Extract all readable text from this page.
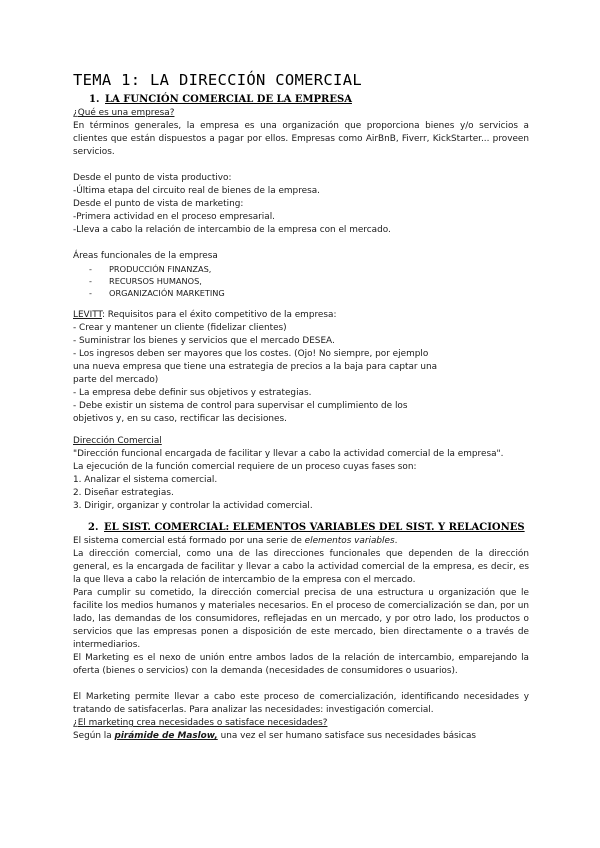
TEMA 1: LA DIRECCIÓN COMERCIAL
1. LA FUNCIÓN COMERCIAL DE LA EMPRESA

¿Qué es una empresa?

En términos generales, la empresa es una organización que proporciona bienes y/o servicios a clientes que están dispuestos a pagar por ellos. Empresas como AirBnB, Fiverr, KickStarter... proveen servicios.

Desde el punto de vista productivo:

-Última etapa del circuito real de bienes de la empresa.

Desde el punto de vista de marketing:

-Primera actividad en el proceso empresarial.

-Lleva a cabo la relación de intercambio de la empresa con el mercado.

Áreas funcionales de la empresa

-	PRODUCCIÓN FINANZAS,
-	RECURSOS HUMANOS,
-	ORGANIZACIÓN MARKETING

LEVITT: Requisitos para el éxito competitivo de la empresa:

- Crear y mantener un cliente (fidelizar clientes)

- Suministrar los bienes y servicios que el mercado DESEA.

- Los ingresos deben ser mayores que los costes. (Ojo! No siempre, por ejemplo

una nueva empresa que tiene una estrategia de precios a la baja para captar una

parte del mercado)

- La empresa debe definir sus objetivos y estrategias.

- Debe existir un sistema de control para supervisar el cumplimiento de los

objetivos y, en su caso, rectificar las decisiones.

Dirección Comercial

"Dirección funcional encargada de facilitar y llevar a cabo la actividad comercial de la empresa".

La ejecución de la función comercial requiere de un proceso cuyas fases son:

1. Analizar el sistema comercial.

2. Diseñar estrategias.

3. Dirigir, organizar y controlar la actividad comercial.

2. EL SIST. COMERCIAL: ELEMENTOS VARIABLES DEL SIST. Y RELACIONES

El sistema comercial está formado por una serie de elementos variables.

La dirección comercial, como una de las direcciones funcionales que dependen de la dirección general, es la encargada de facilitar y llevar a cabo la actividad comercial de la empresa, es decir, es la que lleva a cabo la relación de intercambio de la empresa con el mercado.

Para cumplir su cometido, la dirección comercial precisa de una estructura u organización que le facilite los medios humanos y materiales necesarios. En el proceso de comercialización se dan, por un lado, las demandas de los consumidores, reflejadas en un mercado, y por otro lado, los productos o servicios que las empresas ponen a disposición de este mercado, bien directamente o a través de intermediarios.

El Marketing es el nexo de unión entre ambos lados de la relación de intercambio, emparejando la oferta (bienes o servicios) con la demanda (necesidades de consumidores o usuarios).

El Marketing permite llevar a cabo este proceso de comercialización, identificando necesidades y tratando de satisfacerlas. Para analizar las necesidades: investigación comercial.

¿El marketing crea necesidades o satisface necesidades?

Según la pirámide de Maslow, una vez el ser humano satisface sus necesidades básicas
